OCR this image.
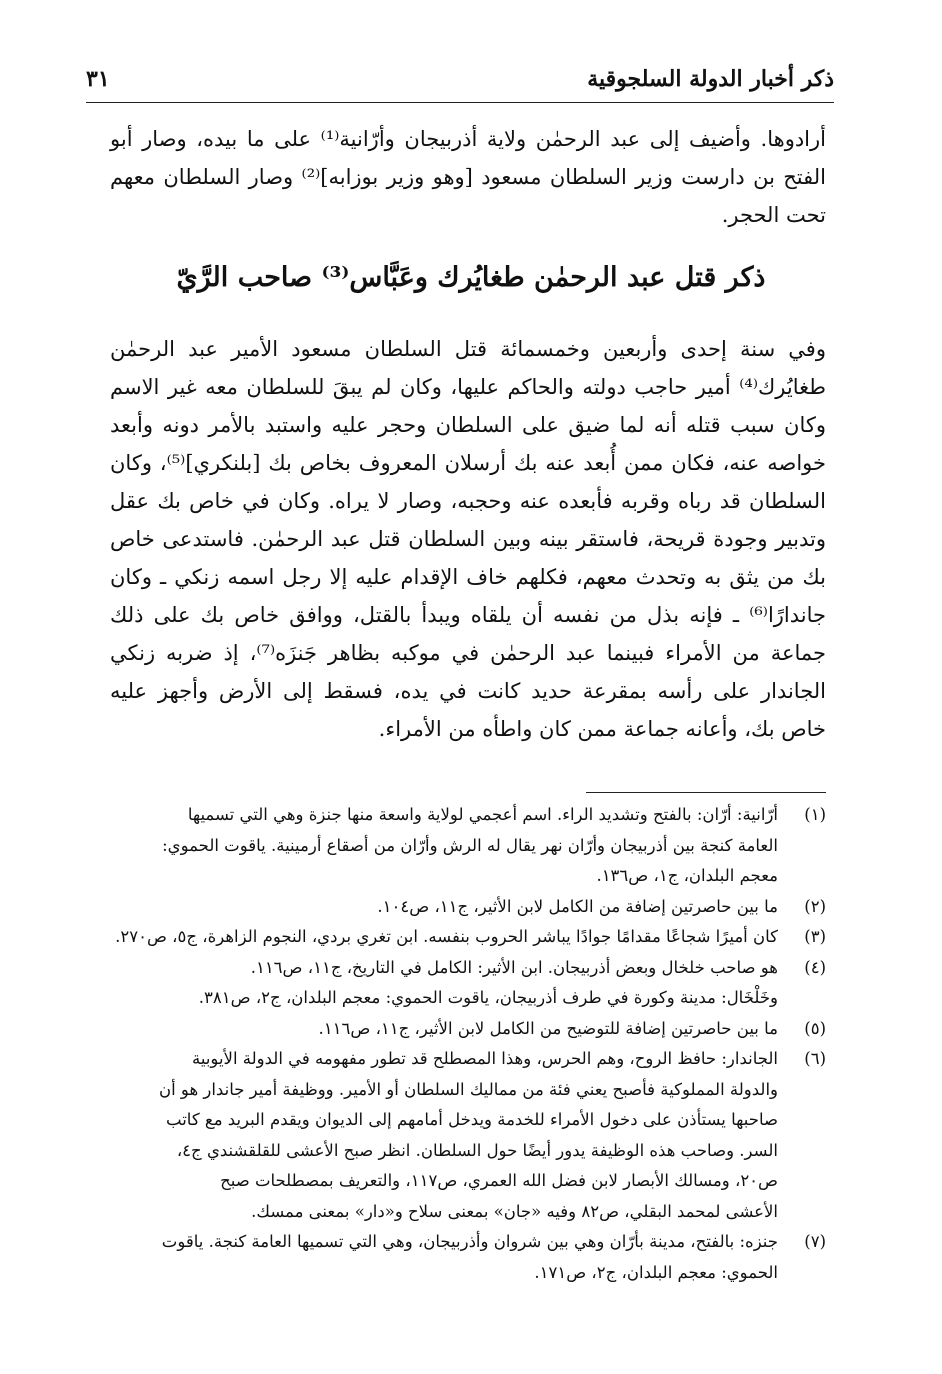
ذكر أخبار الدولة السلجوقية
٣١

أرادوها. وأضيف إلى عبد الرحمٰن ولاية أذربيجان وأرّانية⁽¹⁾ على ما بيده، وصار أبو الفتح بن دارست وزير السلطان مسعود [وهو وزير بوزابه]⁽²⁾ وصار السلطان معهم تحت الحجر.

ذكر قتل عبد الرحمٰن طغايُرك وعَبَّاس⁽³⁾ صاحب الرَّيّ

وفي سنة إحدى وأربعين وخمسمائة قتل السلطان مسعود الأمير عبد الرحمٰن طغايُرك⁽⁴⁾ أمير حاجب دولته والحاكم عليها، وكان لم يبقَ للسلطان معه غير الاسم وكان سبب قتله أنه لما ضيق على السلطان وحجر عليه واستبد بالأمر دونه وأبعد خواصه عنه، فكان ممن أُبعد عنه بك أرسلان المعروف بخاص بك [بلنكري]⁽⁵⁾، وكان السلطان قد رباه وقربه فأبعده عنه وحجبه، وصار لا يراه. وكان في خاص بك عقل وتدبير وجودة قريحة، فاستقر بينه وبين السلطان قتل عبد الرحمٰن. فاستدعى خاص بك من يثق به وتحدث معهم، فكلهم خاف الإقدام عليه إلا رجل اسمه زنكي ـ وكان جاندارًا⁽⁶⁾ ـ فإنه بذل من نفسه أن يلقاه ويبدأ بالقتل، ووافق خاص بك على ذلك جماعة من الأمراء فبينما عبد الرحمٰن في موكبه بظاهر جَنزَه⁽⁷⁾، إذ ضربه زنكي الجاندار على رأسه بمقرعة حديد كانت في يده، فسقط إلى الأرض وأجهز عليه خاص بك، وأعانه جماعة ممن كان واطأه من الأمراء.

(١)
أرّانية: أرّان: بالفتح وتشديد الراء. اسم أعجمي لولاية واسعة منها جنزة وهي التي تسميها
العامة كنجة بين أذربيجان وأرّان نهر يقال له الرش وأرّان من أصقاع أرمينية. ياقوت الحموي:
معجم البلدان، ج١، ص١٣٦.
(٢)
ما بين حاصرتين إضافة من الكامل لابن الأثير، ج١١، ص١٠٤.
(٣)
كان أميرًا شجاعًا مقدامًا جوادًا يباشر الحروب بنفسه. ابن تغري بردي، النجوم الزاهرة، ج٥، ص٢٧٠.
(٤)
هو صاحب خلخال وبعض أذربيجان. ابن الأثير: الكامل في التاريخ، ج١١، ص١١٦.
وخَلْخَال: مدينة وكورة في طرف أذربيجان، ياقوت الحموي: معجم البلدان، ج٢، ص٣٨١.
(٥)
ما بين حاصرتين إضافة للتوضيح من الكامل لابن الأثير، ج١١، ص١١٦.
(٦)
الجاندار: حافظ الروح، وهم الحرس، وهذا المصطلح قد تطور مفهومه في الدولة الأيوبية
والدولة المملوكية فأصبح يعني فئة من مماليك السلطان أو الأمير. ووظيفة أمير جاندار هو أن
صاحبها يستأذن على دخول الأمراء للخدمة ويدخل أمامهم إلى الديوان ويقدم البريد مع كاتب
السر. وصاحب هذه الوظيفة يدور أيضًا حول السلطان. انظر صبح الأعشى للقلقشندي ج٤،
ص٢٠، ومسالك الأبصار لابن فضل الله العمري، ص١١٧، والتعريف بمصطلحات صبح
الأعشى لمحمد البقلي، ص٨٢ وفيه «جان» بمعنى سلاح و«دار» بمعنى ممسك.
(٧)
جنزه: بالفتح، مدينة بأرّان وهي بين شروان وأذربيجان، وهي التي تسميها العامة كنجة. ياقوت
الحموي: معجم البلدان، ج٢، ص١٧١.
